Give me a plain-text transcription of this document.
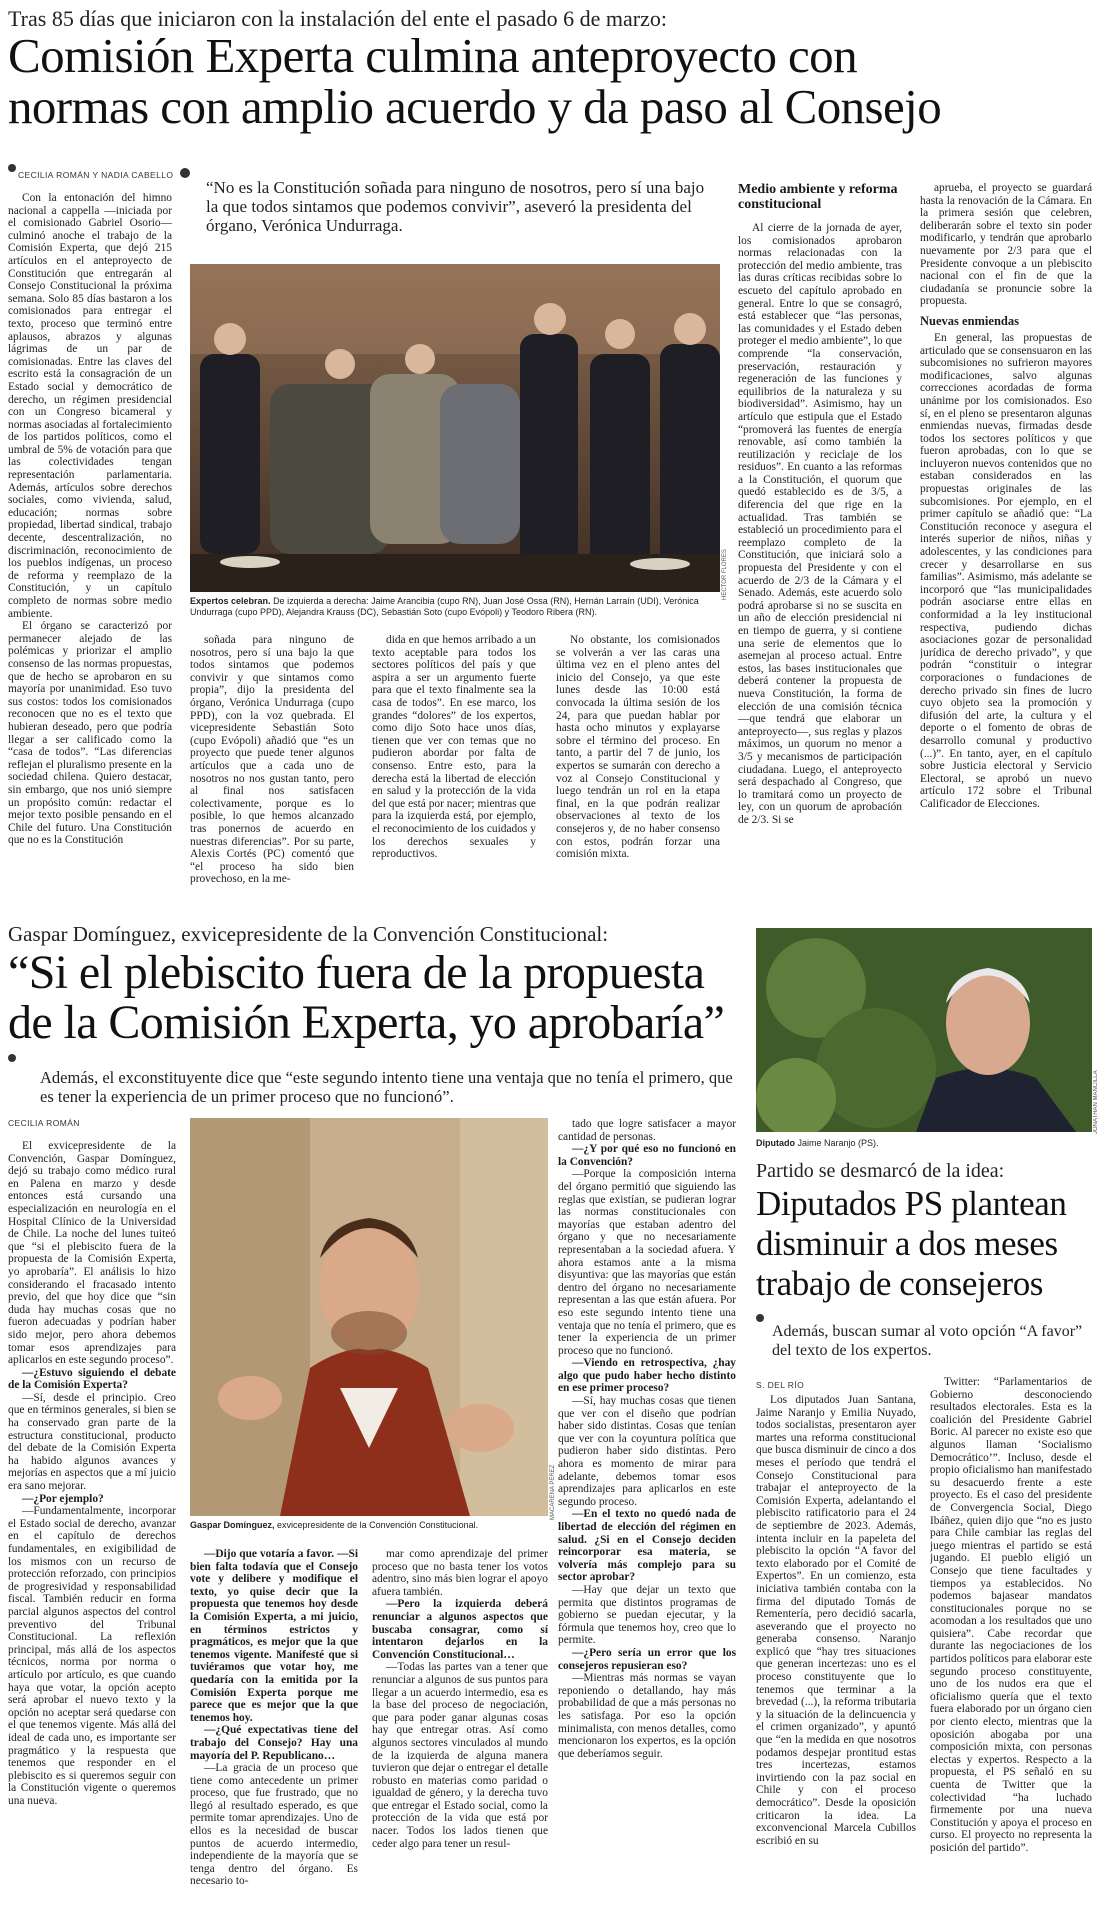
Tras 85 días que iniciaron con la instalación del ente el pasado 6 de marzo:
Comisión Experta culmina anteproyecto con
normas con amplio acuerdo y da paso al Consejo
CECILIA ROMÁN Y NADIA CABELLO
“No es la Constitución soñada para ninguno de nosotros, pero sí una bajo la que todos sintamos que podemos convivir”, aseveró la presidenta del órgano, Verónica Undurraga.

Con la entonación del himno nacional a cappella —iniciada por el comisionado Gabriel Osorio— culminó anoche el trabajo de la Comisión Experta, que dejó 215 artículos en el anteproyecto de Constitución que entregarán al Consejo Constitucional la próxima semana. Solo 85 días bastaron a los comisionados para entregar el texto, proceso que terminó entre aplausos, abrazos y algunas lágrimas de un par de comisionadas. Entre las claves del escrito está la consagración de un Estado social y democrático de derecho, un régimen presidencial con un Congreso bicameral y normas asociadas al fortalecimiento de los partidos políticos, como el umbral de 5% de votación para que las colectividades tengan representación parlamentaria. Además, artículos sobre derechos sociales, como vivienda, salud, educación; normas sobre propiedad, libertad sindical, trabajo decente, descentralización, no discriminación, reconocimiento de los pueblos indígenas, un proceso de reforma y reemplazo de la Constitución, y un capítulo completo de normas sobre medio ambiente.

El órgano se caracterizó por permanecer alejado de las polémicas y priorizar el amplio consenso de las normas propuestas, que de hecho se aprobaron en su mayoría por unanimidad. Eso tuvo sus costos: todos los comisionados reconocen que no es el texto que hubieran deseado, pero que podría llegar a ser calificado como la “casa de todos”. “Las diferencias reflejan el pluralismo presente en la sociedad chilena. Quiero destacar, sin embargo, que nos unió siempre un propósito común: redactar el mejor texto posible pensando en el Chile del futuro. Una Constitución que no es la Constitución

HÉCTOR FLORES
Expertos celebran. De izquierda a derecha: Jaime Arancibia (cupo RN), Juan José Ossa (RN), Hernán Larraín (UDI), Verónica Undurraga (cupo PPD), Alejandra Krauss (DC), Sebastián Soto (cupo Evópoli) y Teodoro Ribera (RN).

soñada para ninguno de nosotros, pero sí una bajo la que todos sintamos que podemos convivir y que sintamos como propia”, dijo la presidenta del órgano, Verónica Undurraga (cupo PPD), con la voz quebrada. El vicepresidente Sebastián Soto (cupo Evópoli) añadió que “es un proyecto que puede tener algunos artículos que a cada uno de nosotros no nos gustan tanto, pero al final nos satisfacen colectivamente, porque es lo posible, lo que hemos alcanzado tras ponernos de acuerdo en nuestras diferencias”. Por su parte, Alexis Cortés (PC) comentó que “el proceso ha sido bien provechoso, en la me-

dida en que hemos arribado a un texto aceptable para todos los sectores políticos del país y que aspira a ser un argumento fuerte para que el texto finalmente sea la casa de todos”. En ese marco, los grandes “dolores” de los expertos, como dijo Soto hace unos días, tienen que ver con temas que no pudieron abordar por falta de consenso. Entre esto, para la derecha está la libertad de elección en salud y la protección de la vida del que está por nacer; mientras que para la izquierda está, por ejemplo, el reconocimiento de los cuidados y los derechos sexuales y reproductivos.

No obstante, los comisionados se volverán a ver las caras una última vez en el pleno antes del inicio del Consejo, ya que este lunes desde las 10:00 está convocada la última sesión de los 24, para que puedan hablar por hasta ocho minutos y explayarse sobre el término del proceso. En tanto, a partir del 7 de junio, los expertos se sumarán con derecho a voz al Consejo Constitucional y luego tendrán un rol en la etapa final, en la que podrán realizar observaciones al texto de los consejeros y, de no haber consenso con estos, podrán forzar una comisión mixta.

Medio ambiente y reforma constitucional

Al cierre de la jornada de ayer, los comisionados aprobaron normas relacionadas con la protección del medio ambiente, tras las duras críticas recibidas sobre lo escueto del capítulo aprobado en general. Entre lo que se consagró, está establecer que “las personas, las comunidades y el Estado deben proteger el medio ambiente”, lo que comprende “la conservación, preservación, restauración y regeneración de las funciones y equilibrios de la naturaleza y su biodiversidad”. Asimismo, hay un artículo que estipula que el Estado “promoverá las fuentes de energía renovable, así como también la reutilización y reciclaje de los residuos”. En cuanto a las reformas a la Constitución, el quorum que quedó establecido es de 3/5, a diferencia del que rige en la actualidad. Tras también se estableció un procedimiento para el reemplazo completo de la Constitución, que iniciará solo a propuesta del Presidente y con el acuerdo de 2/3 de la Cámara y el Senado. Además, este acuerdo solo podrá aprobarse si no se suscita en un año de elección presidencial ni en tiempo de guerra, y si contiene una serie de elementos que lo asemejan al proceso actual. Entre estos, las bases institucionales que deberá contener la propuesta de nueva Constitución, la forma de elección de una comisión técnica —que tendrá que elaborar un anteproyecto—, sus reglas y plazos máximos, un quorum no menor a 3/5 y mecanismos de participación ciudadana. Luego, el anteproyecto será despachado al Congreso, que lo tramitará como un proyecto de ley, con un quorum de aprobación de 2/3. Si se

aprueba, el proyecto se guardará hasta la renovación de la Cámara. En la primera sesión que celebren, deliberarán sobre el texto sin poder modificarlo, y tendrán que aprobarlo nuevamente por 2/3 para que el Presidente convoque a un plebiscito nacional con el fin de que la ciudadanía se pronuncie sobre la propuesta.

Nuevas enmiendas

En general, las propuestas de articulado que se consensuaron en las subcomisiones no sufrieron mayores modificaciones, salvo algunas correcciones acordadas de forma unánime por los comisionados. Eso sí, en el pleno se presentaron algunas enmiendas nuevas, firmadas desde todos los sectores políticos y que fueron aprobadas, con lo que se incluyeron nuevos contenidos que no estaban considerados en las propuestas originales de las subcomisiones. Por ejemplo, en el primer capítulo se añadió que: “La Constitución reconoce y asegura el interés superior de niños, niñas y adolescentes, y las condiciones para crecer y desarrollarse en sus familias”. Asimismo, más adelante se incorporó que “las municipalidades podrán asociarse entre ellas en conformidad a la ley institucional respectiva, pudiendo dichas asociaciones gozar de personalidad jurídica de derecho privado”, y que podrán “constituir o integrar corporaciones o fundaciones de derecho privado sin fines de lucro cuyo objeto sea la promoción y difusión del arte, la cultura y el deporte o el fomento de obras de desarrollo comunal y productivo (...)”. En tanto, ayer, en el capítulo sobre Justicia electoral y Servicio Electoral, se aprobó un nuevo artículo 172 sobre el Tribunal Calificador de Elecciones.

Gaspar Domínguez, exvicepresidente de la Convención Constitucional:
“Si el plebiscito fuera de la propuesta
de la Comisión Experta, yo aprobaría”
Además, el exconstituyente dice que “este segundo intento tiene una ventaja que no tenía el primero, que es tener la experiencia de un primer proceso que no funcionó”.
CECILIA ROMÁN

El exvicepresidente de la Convención, Gaspar Domínguez, dejó su trabajo como médico rural en Palena en marzo y desde entonces está cursando una especialización en neurología en el Hospital Clínico de la Universidad de Chile. La noche del lunes tuiteó que “si el plebiscito fuera de la propuesta de la Comisión Experta, yo aprobaría”. El análisis lo hizo considerando el fracasado intento previo, del que hoy dice que “sin duda hay muchas cosas que no fueron adecuadas y podrían haber sido mejor, pero ahora debemos tomar esos aprendizajes para aplicarlos en este segundo proceso”.

—¿Estuvo siguiendo el debate de la Comisión Experta?

—Sí, desde el principio. Creo que en términos generales, si bien se ha conservado gran parte de la estructura constitucional, producto del debate de la Comisión Experta ha habido algunos avances y mejorías en aspectos que a mí juicio era sano mejorar.

—¿Por ejemplo?

—Fundamentalmente, incorporar el Estado social de derecho, avanzar en el capítulo de derechos fundamentales, en exigibilidad de los mismos con un recurso de protección reforzado, con principios de progresividad y responsabilidad fiscal. También reducir en forma parcial algunos aspectos del control preventivo del Tribunal Constitucional. La reflexión principal, más allá de los aspectos técnicos, norma por norma o artículo por artículo, es que cuando haya que votar, la opción acepto será aprobar el nuevo texto y la opción no aceptar será quedarse con el que tenemos vigente. Más allá del ideal de cada uno, es importante ser pragmático y la respuesta que tenemos que responder en el plebiscito es si queremos seguir con la Constitución vigente o queremos una nueva.

MACARENA PÉREZ
Gaspar Domínguez, exvicepresidente de la Convención Constitucional.

—Dijo que votaría a favor. —Si bien falta todavía que el Consejo vote y delibere y modifique el texto, yo quise decir que la propuesta que tenemos hoy desde la Comisión Experta, a mi juicio, en términos estrictos y pragmáticos, es mejor que la que tenemos vigente. Manifesté que si tuviéramos que votar hoy, me quedaría con la emitida por la Comisión Experta porque me parece que es mejor que la que tenemos hoy.

—¿Qué expectativas tiene del trabajo del Consejo? Hay una mayoría del P. Republicano…

—La gracia de un proceso que tiene como antecedente un primer proceso, que fue frustrado, que no llegó al resultado esperado, es que permite tomar aprendizajes. Uno de ellos es la necesidad de buscar puntos de acuerdo intermedio, independiente de la mayoría que se tenga dentro del órgano. Es necesario to-

mar como aprendizaje del primer proceso que no basta tener los votos adentro, sino más bien lograr el apoyo afuera también.

—Pero la izquierda deberá renunciar a algunos aspectos que buscaba consagrar, como sí intentaron dejarlos en la Convención Constitucional…

—Todas las partes van a tener que renunciar a algunos de sus puntos para llegar a un acuerdo intermedio, esa es la base del proceso de negociación, que para poder ganar algunas cosas hay que entregar otras. Así como algunos sectores vinculados al mundo de la izquierda de alguna manera tuvieron que dejar o entregar el detalle robusto en materias como paridad o igualdad de género, y la derecha tuvo que entregar el Estado social, como la protección de la vida que está por nacer. Todos los lados tienen que ceder algo para tener un resul-

tado que logre satisfacer a mayor cantidad de personas.

—¿Y por qué eso no funcionó en la Convención?

—Porque la composición interna del órgano permitió que siguiendo las reglas que existían, se pudieran lograr las normas constitucionales con mayorías que estaban adentro del órgano y que no necesariamente representaban a la sociedad afuera. Y ahora estamos ante a la misma disyuntiva: que las mayorías que están dentro del órgano no necesariamente representan a las que están afuera. Por eso este segundo intento tiene una ventaja que no tenía el primero, que es tener la experiencia de un primer proceso que no funcionó.

—Viendo en retrospectiva, ¿hay algo que pudo haber hecho distinto en ese primer proceso?

—Sí, hay muchas cosas que tienen que ver con el diseño que podrían haber sido distintas. Cosas que tenían que ver con la coyuntura política que pudieron haber sido distintas. Pero ahora es momento de mirar para adelante, debemos tomar esos aprendizajes para aplicarlos en este segundo proceso.

—En el texto no quedó nada de libertad de elección del régimen en salud. ¿Si en el Consejo deciden reincorporar esa materia, se volvería más complejo para su sector aprobar?

—Hay que dejar un texto que permita que distintos programas de gobierno se puedan ejecutar, y la fórmula que tenemos hoy, creo que lo permite.

—¿Pero sería un error que los consejeros repusieran eso?

—Mientras más normas se vayan reponiendo o detallando, hay más probabilidad de que a más personas no les satisfaga. Por eso la opción minimalista, con menos detalles, como mencionaron los expertos, es la opción que deberíamos seguir.

JONATHAN MANCILLA
Diputado Jaime Naranjo (PS).
Partido se desmarcó de la idea:
Diputados PS plantean
disminuir a dos meses
trabajo de consejeros
Además, buscan sumar al voto opción “A favor” del texto de los expertos.
S. DEL RÍO

Los diputados Juan Santana, Jaime Naranjo y Emilia Nuyado, todos socialistas, presentaron ayer martes una reforma constitucional que busca disminuir de cinco a dos meses el período que tendrá el Consejo Constitucional para trabajar el anteproyecto de la Comisión Experta, adelantando el plebiscito ratificatorio para el 24 de septiembre de 2023. Además, intenta incluir en la papeleta del plebiscito la opción “A favor del texto elaborado por el Comité de Expertos”. En un comienzo, esta iniciativa también contaba con la firma del diputado Tomás de Rementería, pero decidió sacarla, aseverando que el proyecto no generaba consenso. Naranjo explicó que “hay tres situaciones que generan incertezas: uno es el proceso constituyente que lo tenemos que terminar a la brevedad (...), la reforma tributaria y la situación de la delincuencia y el crimen organizado”, y apuntó que “en la medida en que nosotros podamos despejar prontitud estas tres incertezas, estamos invirtiendo con la paz social en Chile y con el proceso democrático”. Desde la oposición criticaron la idea. La exconvencional Marcela Cubillos escribió en su

Twitter: “Parlamentarios de Gobierno desconociendo resultados electorales. Esta es la coalición del Presidente Gabriel Boric. Al parecer no existe eso que algunos llaman ‘Socialismo Democrático’”. Incluso, desde el propio oficialismo han manifestado su desacuerdo frente a este proyecto. Es el caso del presidente de Convergencia Social, Diego Ibáñez, quien dijo que “no es justo para Chile cambiar las reglas del juego mientras el partido se está jugando. El pueblo eligió un Consejo que tiene facultades y tiempos ya establecidos. No podemos bajasear mandatos constitucionales porque no se acomodan a los resultados que uno quisiera”. Cabe recordar que durante las negociaciones de los partidos políticos para elaborar este segundo proceso constituyente, uno de los nudos era que el oficialismo quería que el texto fuera elaborado por un órgano cien por ciento electo, mientras que la oposición abogaba por una composición mixta, con personas electas y expertos. Respecto a la propuesta, el PS señaló en su cuenta de Twitter que la colectividad “ha luchado firmemente por una nueva Constitución y apoya el proceso en curso. El proyecto no representa la posición del partido”.
